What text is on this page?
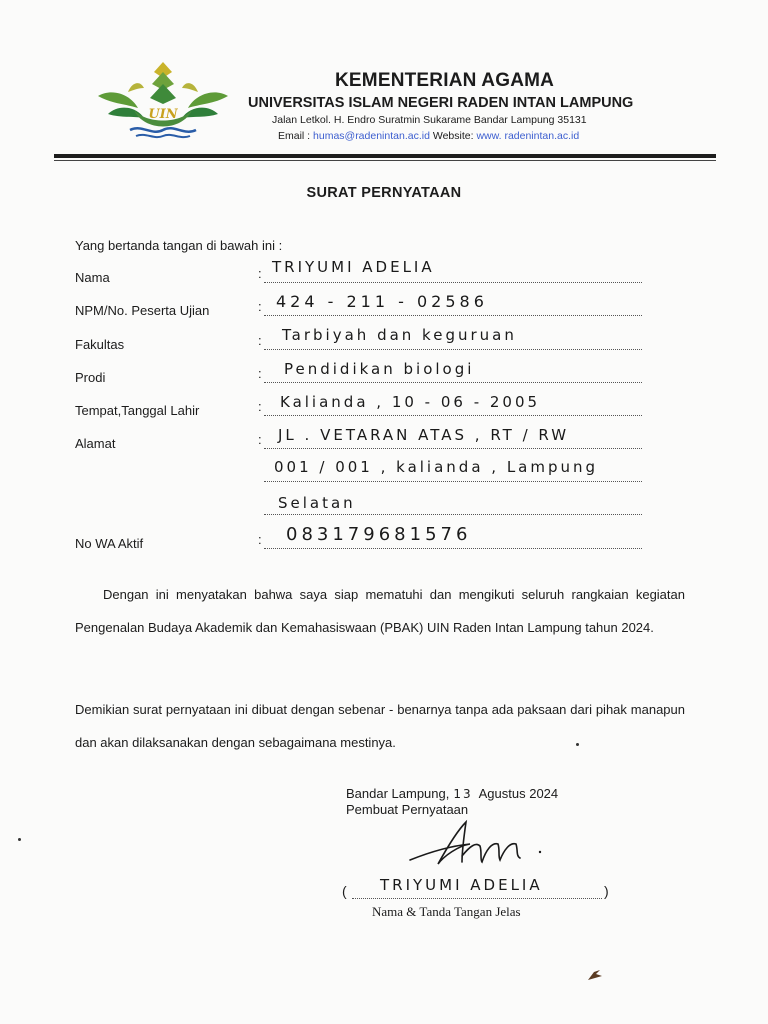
UIN
KEMENTERIAN AGAMA
UNIVERSITAS ISLAM NEGERI RADEN INTAN LAMPUNG
Jalan Letkol. H. Endro Suratmin Sukarame Bandar Lampung 35131
Email : humas@radenintan.ac.id Website: www. radenintan.ac.id
SURAT PERNYATAAN
Yang bertanda tangan di bawah ini :
Nama	: TRIYUMI ADELIA
NPM/No. Peserta Ujian	: 424 - 211 - 02586
Fakultas	: Tarbiyah dan keguruan
Prodi	: Pendidikan biologi
Tempat,Tanggal Lahir	: Kalianda , 10 - 06 - 2005
Alamat	: JL . VETARAN ATAS , RT / RW
001 / 001 , kalianda , Lampung
Selatan
No WA Aktif	: 083179681576

Dengan ini menyatakan bahwa saya siap mematuhi dan mengikuti seluruh rangkaian kegiatan Pengenalan Budaya Akademik dan Kemahasiswaan (PBAK) UIN Raden Intan Lampung tahun 2024.

Demikian surat pernyataan ini dibuat dengan sebenar - benarnya tanpa ada paksaan dari pihak manapun dan akan dilaksanakan dengan sebagaimana mestinya.

Bandar Lampung, 13 Agustus 2024
Pembuat Pernyataan
( TRIYUMI ADELIA	)
Nama & Tanda Tangan Jelas
